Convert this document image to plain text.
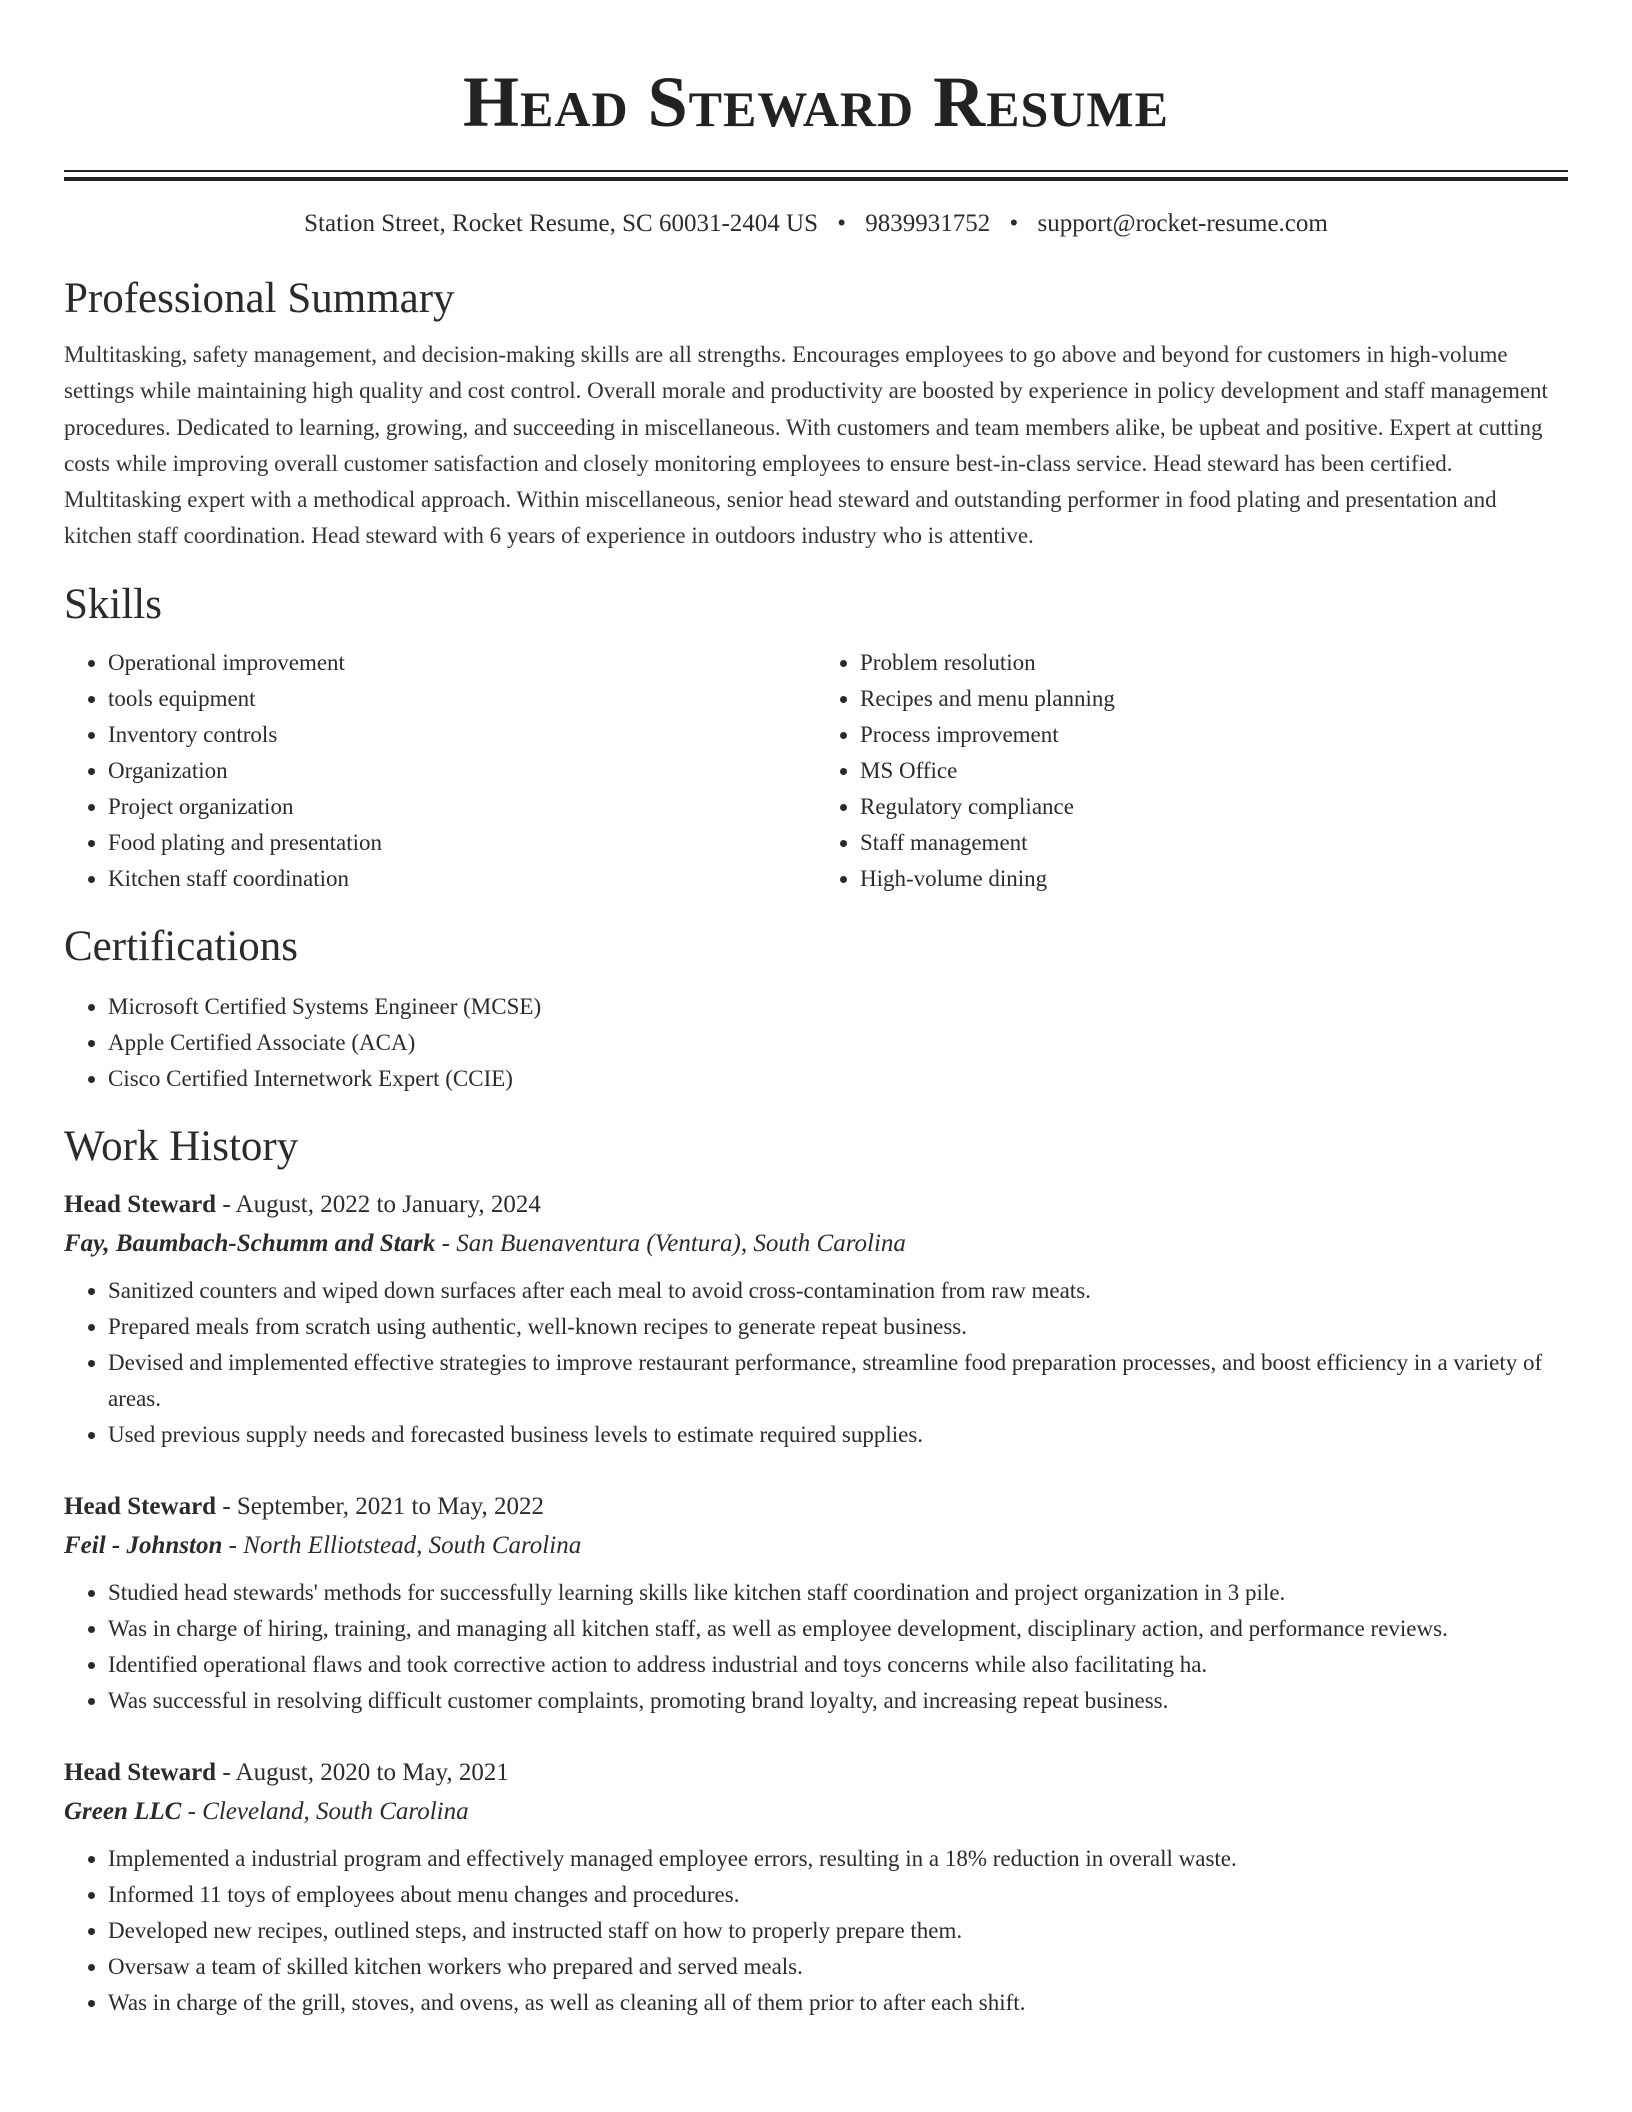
Head Steward Resume
Station Street, Rocket Resume, SC 60031-2404 US • 9839931752 • support@rocket-resume.com
Professional Summary

Multitasking, safety management, and decision-making skills are all strengths. Encourages employees to go above and beyond for customers in high-volume settings while maintaining high quality and cost control. Overall morale and productivity are boosted by experience in policy development and staff management procedures. Dedicated to learning, growing, and succeeding in miscellaneous. With customers and team members alike, be upbeat and positive. Expert at cutting costs while improving overall customer satisfaction and closely monitoring employees to ensure best-in-class service. Head steward has been certified. Multitasking expert with a methodical approach. Within miscellaneous, senior head steward and outstanding performer in food plating and presentation and kitchen staff coordination. Head steward with 6 years of experience in outdoors industry who is attentive.

Skills
• Operational improvement
• tools equipment
• Inventory controls
• Organization
• Project organization
• Food plating and presentation
• Kitchen staff coordination
• Problem resolution
• Recipes and menu planning
• Process improvement
• MS Office
• Regulatory compliance
• Staff management
• High-volume dining
Certifications
• Microsoft Certified Systems Engineer (MCSE)
• Apple Certified Associate (ACA)
• Cisco Certified Internetwork Expert (CCIE)
Work History
Head Steward - August, 2022 to January, 2024
Fay, Baumbach-Schumm and Stark - San Buenaventura (Ventura), South Carolina
• Sanitized counters and wiped down surfaces after each meal to avoid cross-contamination from raw meats.
• Prepared meals from scratch using authentic, well-known recipes to generate repeat business.
• Devised and implemented effective strategies to improve restaurant performance, streamline food preparation processes, and boost efficiency in a variety of areas.
• Used previous supply needs and forecasted business levels to estimate required supplies.
Head Steward - September, 2021 to May, 2022
Feil - Johnston - North Elliotstead, South Carolina
• Studied head stewards' methods for successfully learning skills like kitchen staff coordination and project organization in 3 pile.
• Was in charge of hiring, training, and managing all kitchen staff, as well as employee development, disciplinary action, and performance reviews.
• Identified operational flaws and took corrective action to address industrial and toys concerns while also facilitating ha.
• Was successful in resolving difficult customer complaints, promoting brand loyalty, and increasing repeat business.
Head Steward - August, 2020 to May, 2021
Green LLC - Cleveland, South Carolina
• Implemented a industrial program and effectively managed employee errors, resulting in a 18% reduction in overall waste.
• Informed 11 toys of employees about menu changes and procedures.
• Developed new recipes, outlined steps, and instructed staff on how to properly prepare them.
• Oversaw a team of skilled kitchen workers who prepared and served meals.
• Was in charge of the grill, stoves, and ovens, as well as cleaning all of them prior to after each shift.
